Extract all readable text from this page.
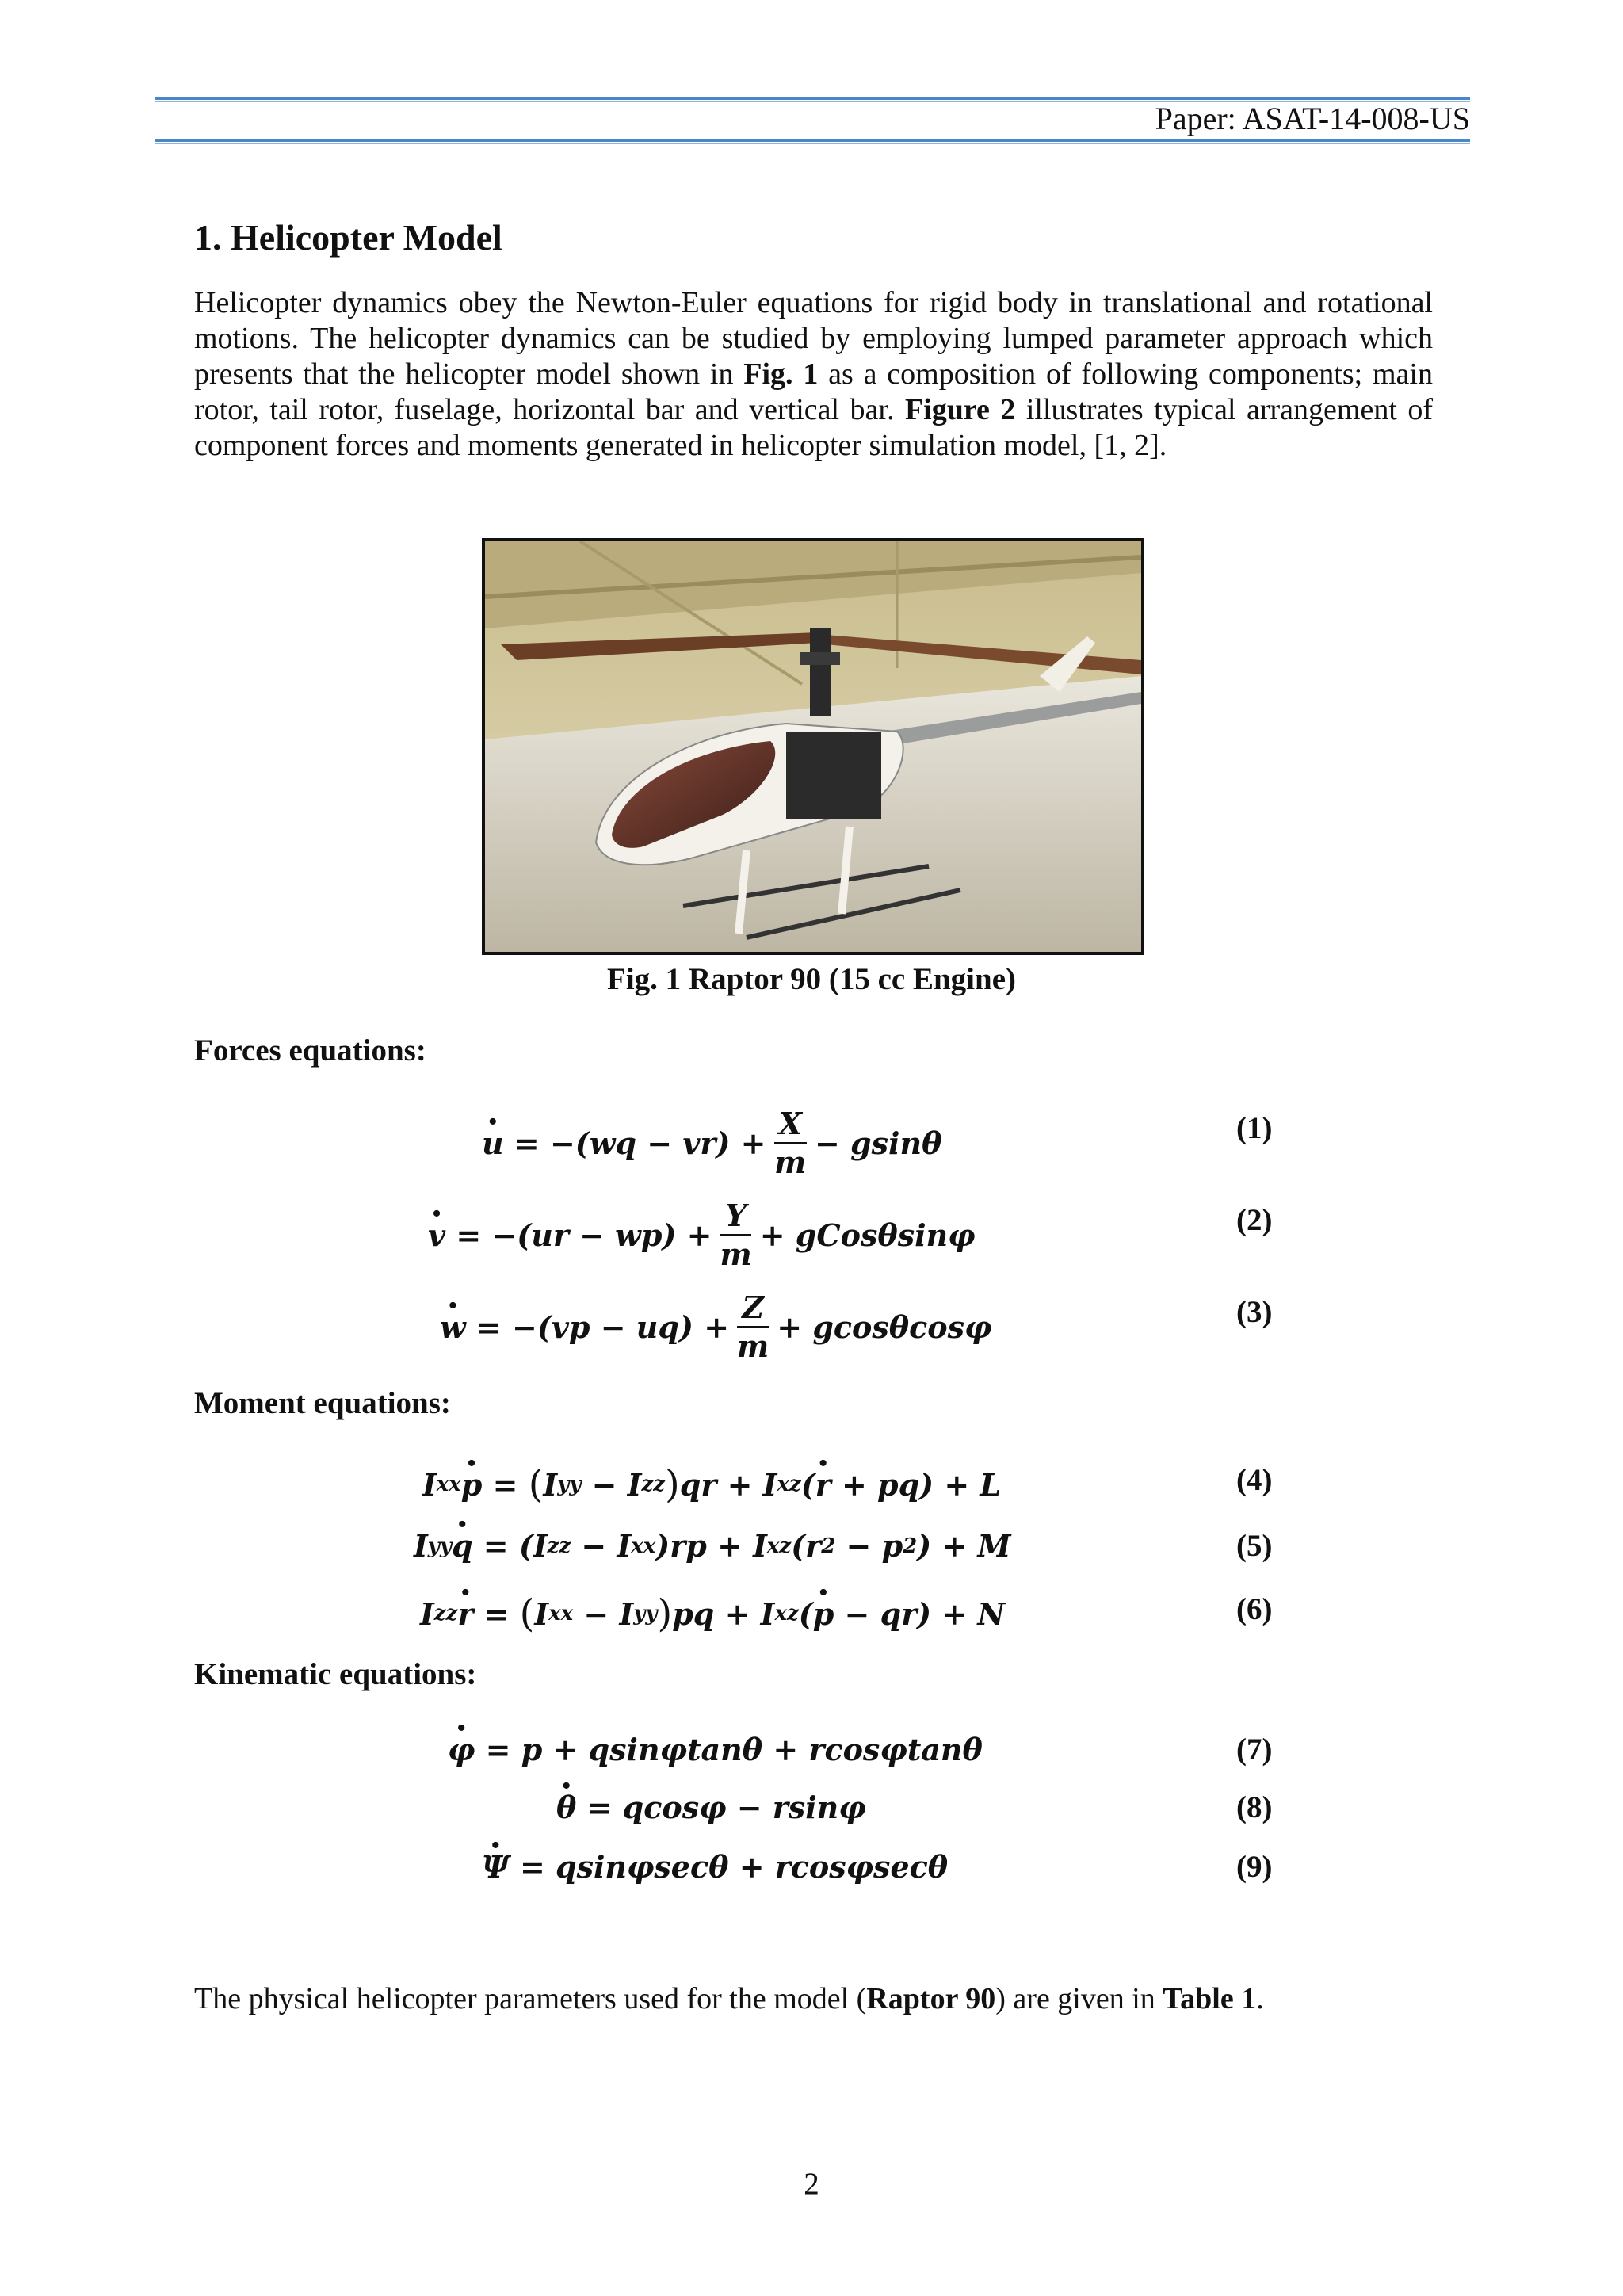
Paper: ASAT-14-008-US
1. Helicopter Model

Helicopter dynamics obey the Newton-Euler equations for rigid body in translational and rotational motions. The helicopter dynamics can be studied by employing lumped parameter approach which presents that the helicopter model shown in Fig. 1 as a composition of following components; main rotor, tail rotor, fuselage, horizontal bar and vertical bar. Figure 2 illustrates typical arrangement of component forces and moments generated in helicopter simulation model, [1, 2].

Fig. 1 Raptor 90 (15 cc Engine)
Forces equations:
u ·
= $-(wq - vr) + \frac{X}{m} - gsin\theta$	(1)
v ·
= $-(ur - wp) + \frac{Y}{m}$ + gCosθsinφ	(2)
w ·
= $-(vp - uq) + \frac{Z}{m} + gcos\theta\cos\varphi$	(3)
Moment equations:
I xx p · = ( I yy − I zz ) qr + I xz ( r · + pq) + L	(4)
I yy q · = (I zz − I xx )rp + I xz (r 2 − p 2 ) + M	(5)
I zz r · = ( I xx − I yy ) pq + I xz ( p · − qr) + N	(6)
Kinematic equations:
φ ·
= p + qsinφtanθ + rcosφtanθ	(7)
θ ·
= qcosφ − rsinφ	(8)
Ψ ·
= qsinφsecθ + rcosφsecθ	(9)

The physical helicopter parameters used for the model (Raptor 90) are given in Table 1.

2
